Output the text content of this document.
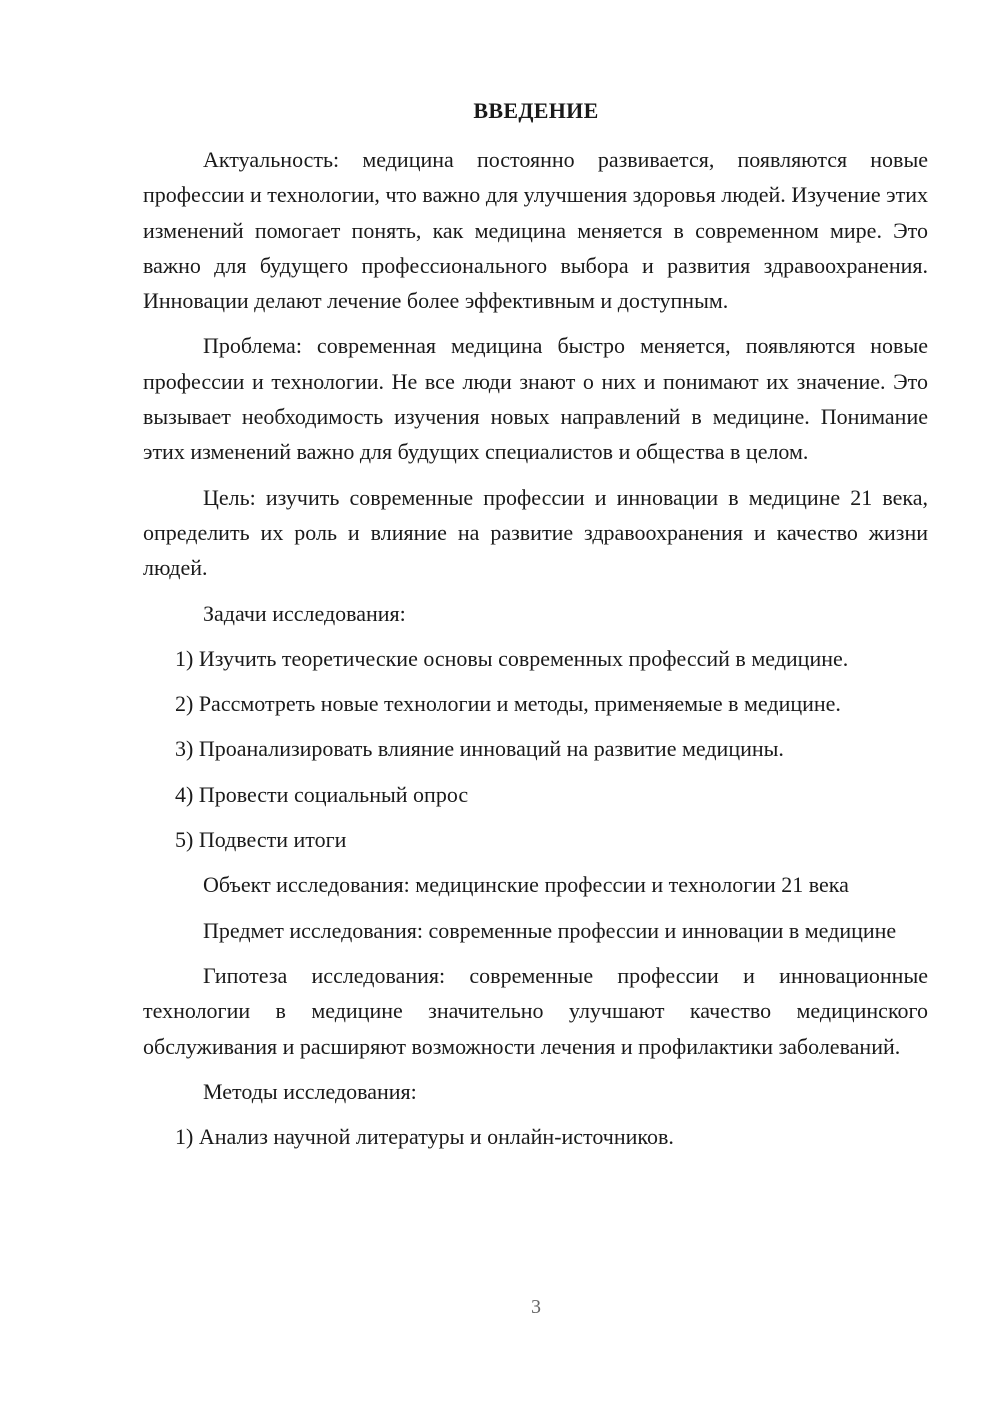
ВВЕДЕНИЕ

Актуальность: медицина постоянно развивается, появляются новые профессии и технологии, что важно для улучшения здоровья людей. Изучение этих изменений помогает понять, как медицина меняется в современном мире. Это важно для будущего профессионального выбора и развития здравоохранения. Инновации делают лечение более эффективным и доступным.

Проблема: современная медицина быстро меняется, появляются новые профессии и технологии. Не все люди знают о них и понимают их значение. Это вызывает необходимость изучения новых направлений в медицине. Понимание этих изменений важно для будущих специалистов и общества в целом.

Цель: изучить современные профессии и инновации в медицине 21 века, определить их роль и влияние на развитие здравоохранения и качество жизни людей.

Задачи исследования:

1) Изучить теоретические основы современных профессий в медицине.
2) Рассмотреть новые технологии и методы, применяемые в медицине.
3) Проанализировать влияние инноваций на развитие медицины.
4) Провести социальный опрос
5) Подвести итоги

Объект исследования: медицинские профессии и технологии 21 века

Предмет исследования: современные профессии и инновации в медицине

Гипотеза исследования: современные профессии и инновационные технологии в медицине значительно улучшают качество медицинского обслуживания и расширяют возможности лечения и профилактики заболеваний.

Методы исследования:

1) Анализ научной литературы и онлайн-источников.
3
